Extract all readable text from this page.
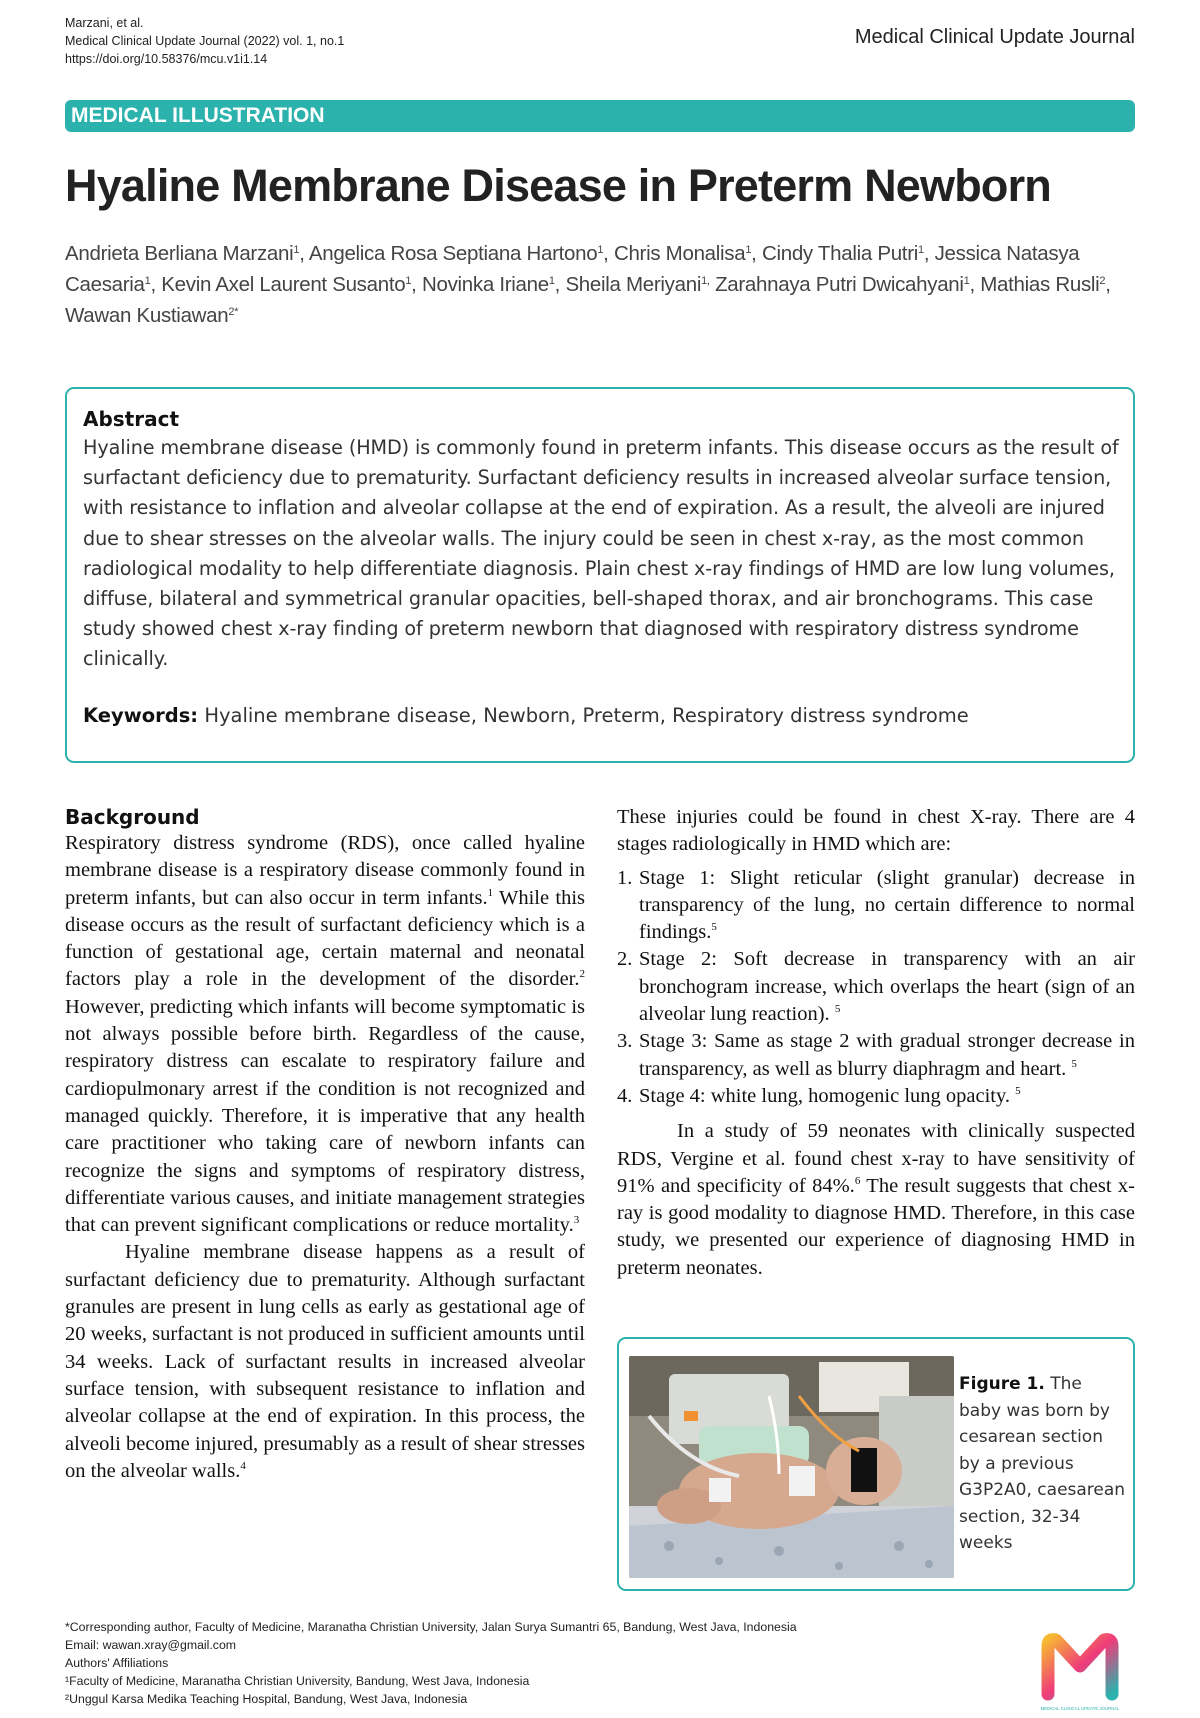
Marzani, et al.
Medical Clinical Update Journal (2022) vol. 1, no.1
https://doi.org/10.58376/mcu.v1i1.14
Medical Clinical Update Journal
MEDICAL ILLUSTRATION
Hyaline Membrane Disease in Preterm Newborn
Andrieta Berliana Marzani$^1$, Angelica Rosa Septiana Hartono$^1$, Chris Monalisa$^1$, Cindy Thalia Putri$^1$, Jessica Natasya Caesaria$^1$, Kevin Axel Laurent Susanto$^1$, Novinka Iriane$^1$, Sheila Meriyani$^{1,}$ Zarahnaya Putri Dwicahyani$^1$, Mathias Rusli$^2$, Wawan Kustiawan$^{2*}$
Abstract
Hyaline membrane disease (HMD) is commonly found in preterm infants. This disease occurs as the result of surfactant deficiency due to prematurity. Surfactant deficiency results in increased alveolar surface tension, with resistance to inflation and alveolar collapse at the end of expiration. As a result, the alveoli are injured due to shear stresses on the alveolar walls. The injury could be seen in chest x-ray, as the most common radiological modality to help differentiate diagnosis. Plain chest x-ray findings of HMD are low lung volumes, diffuse, bilateral and symmetrical granular opacities, bell-shaped thorax, and air bronchograms. This case study showed chest x-ray finding of preterm newborn that diagnosed with respiratory distress syndrome clinically.
Keywords: Hyaline membrane disease, Newborn, Preterm, Respiratory distress syndrome
Background

Respiratory distress syndrome (RDS), once called hyaline membrane disease is a respiratory disease commonly found in preterm infants, but can also occur in term infants.$^1$ While this disease occurs as the result of surfactant deficiency which is a function of gestational age, certain maternal and neonatal factors play a role in the development of the disorder.$^2$ However, predicting which infants will become symptomatic is not always possible before birth. Regardless of the cause, respiratory distress can escalate to respiratory failure and cardiopulmonary arrest if the condition is not recognized and managed quickly. Therefore, it is imperative that any health care practitioner who taking care of newborn infants can recognize the signs and symptoms of respiratory distress, differentiate various causes, and initiate management strategies that can prevent significant complications or reduce mortality.$^3$

Hyaline membrane disease happens as a result of surfactant deficiency due to prematurity. Although surfactant granules are present in lung cells as early as gestational age of 20 weeks, surfactant is not produced in sufficient amounts until 34 weeks. Lack of surfactant results in increased alveolar surface tension, with subsequent resistance to inflation and alveolar collapse at the end of expiration. In this process, the alveoli become injured, presumably as a result of shear stresses on the alveolar walls.$^4$

These injuries could be found in chest X-ray. There are 4 stages radiologically in HMD which are:

1. Stage 1: Slight reticular (slight granular) decrease in transparency of the lung, no certain difference to normal findings.$^5$
2. Stage 2: Soft decrease in transparency with an air bronchogram increase, which overlaps the heart (sign of an alveolar lung reaction). $^5$
3. Stage 3: Same as stage 2 with gradual stronger decrease in transparency, as well as blurry diaphragm and heart. $^5$
4. Stage 4: white lung, homogenic lung opacity. $^5$

In a study of 59 neonates with clinically suspected RDS, Vergine et al. found chest x-ray to have sensitivity of 91% and specificity of 84%.$^6$ The result suggests that chest x-ray is good modality to diagnose HMD. Therefore, in this case study, we presented our experience of diagnosing HMD in preterm neonates.

Figure 1. The baby was born by cesarean section by a previous G3P2A0, caesarean section, 32-34 weeks
*Corresponding author, Faculty of Medicine, Maranatha Christian University, Jalan Surya Sumantri 65, Bandung, West Java, Indonesia
Email: wawan.xray@gmail.com
Authors' Affiliations
¹Faculty of Medicine, Maranatha Christian University, Bandung, West Java, Indonesia
²Unggul Karsa Medika Teaching Hospital, Bandung, West Java, Indonesia
MEDICAL CLINICAL UPDATE JOURNAL
